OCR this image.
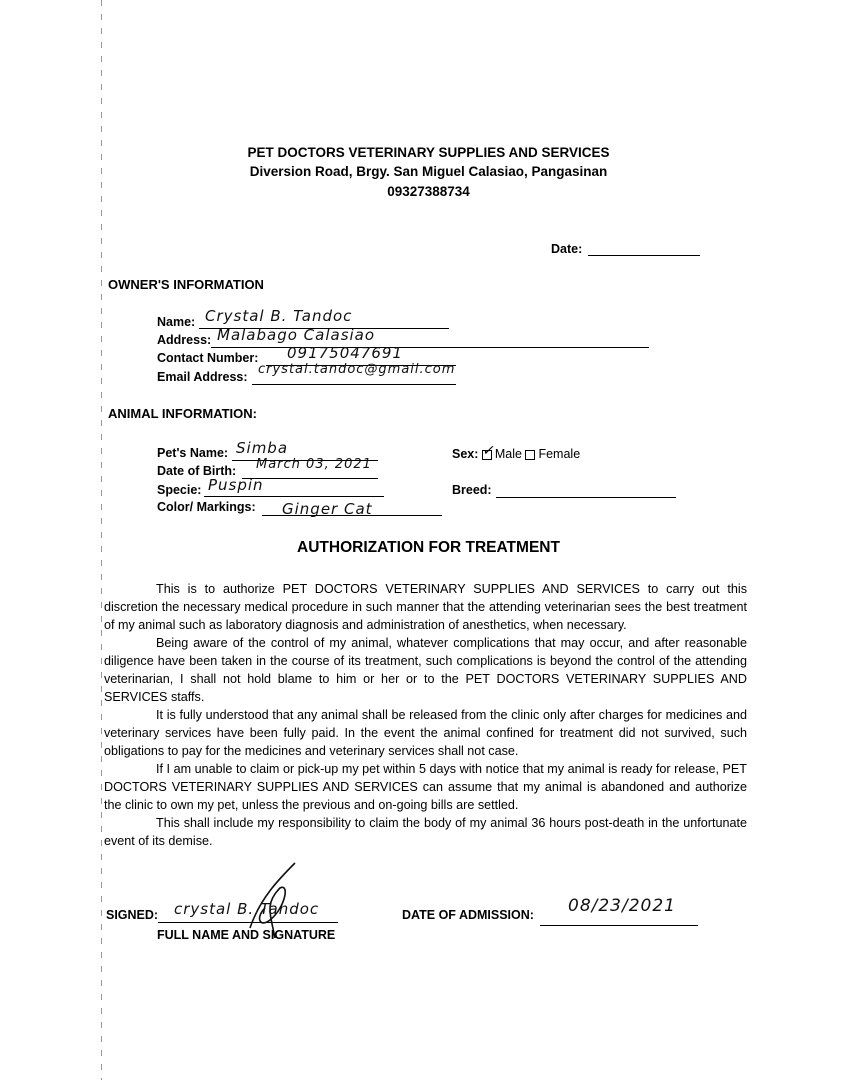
PET DOCTORS VETERINARY SUPPLIES AND SERVICES
Diversion Road, Brgy. San Miguel Calasiao, Pangasinan
09327388734
Date:
OWNER'S INFORMATION
Name: Crystal B. Tandoc
Address: Malabago Calasiao
Contact Number: 09175047691
Email Address: crystal.tandoc@gmail.com
ANIMAL INFORMATION:
Pet's Name: Simba
Date of Birth: March 03, 2021
Specie: Puspin
Color/ Markings: Ginger Cat
Sex: ✓ Male Female
Breed:
AUTHORIZATION FOR TREATMENT

This is to authorize PET DOCTORS VETERINARY SUPPLIES AND SERVICES to carry out this discretion the necessary medical procedure in such manner that the attending veterinarian sees the best treatment of my animal such as laboratory diagnosis and administration of anesthetics, when necessary.

Being aware of the control of my animal, whatever complications that may occur, and after reasonable diligence have been taken in the course of its treatment, such complications is beyond the control of the attending veterinarian, I shall not hold blame to him or her or to the PET DOCTORS VETERINARY SUPPLIES AND SERVICES staffs.

It is fully understood that any animal shall be released from the clinic only after charges for medicines and veterinary services have been fully paid. In the event the animal confined for treatment did not survived, such obligations to pay for the medicines and veterinary services shall not case.

If I am unable to claim or pick-up my pet within 5 days with notice that my animal is ready for release, PET DOCTORS VETERINARY SUPPLIES AND SERVICES can assume that my animal is abandoned and authorize the clinic to own my pet, unless the previous and on-going bills are settled.

This shall include my responsibility to claim the body of my animal 36 hours post-death in the unfortunate event of its demise.

SIGNED: crystal B. Tandoc
FULL NAME AND SIGNATURE
DATE OF ADMISSION: 08/23/2021
